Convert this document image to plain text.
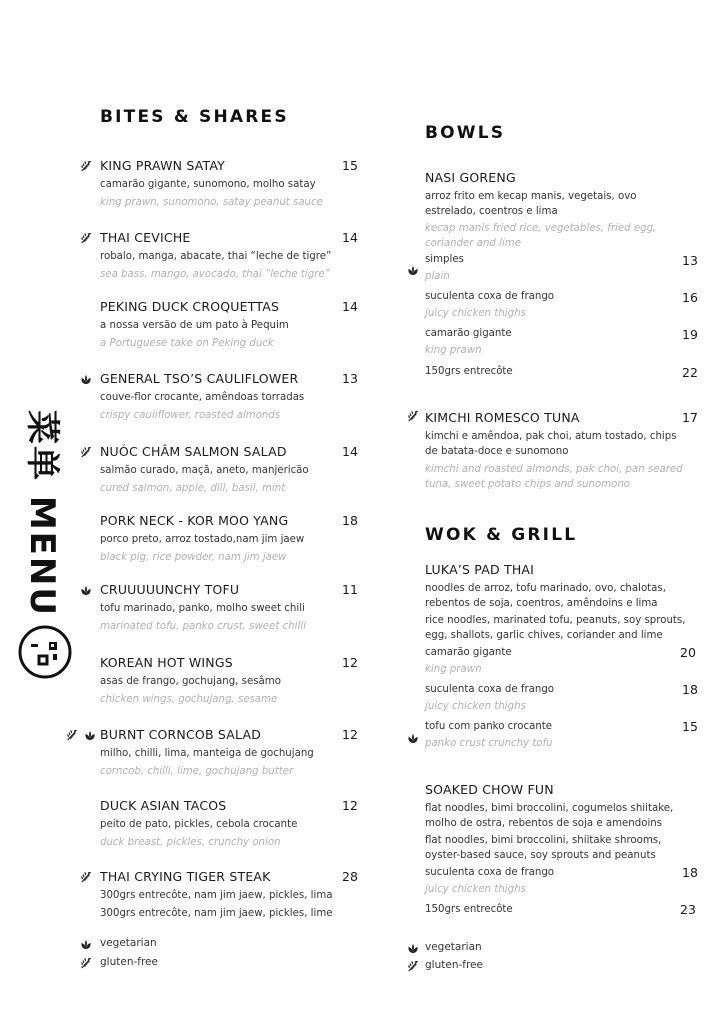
菜单 MENU
BITES & SHARES
KING PRAWN SATAY	15
camarão gigante, sunomono, molho satay
king prawn, sunomono, satay peanut sauce
THAI CEVICHE	14
robalo, manga, abacate, thai “leche de tigre”
sea bass, mango, avocado, thai “leche tigre”
PEKING DUCK CROQUETTAS	14
a nossa versão de um pato à Pequim
a Portuguese take on Peking duck
GENERAL TSO’S CAULIFLOWER	13
couve-flor crocante, amêndoas torradas
crispy cauliflower, roasted almonds
NUÓC CHÂM SALMON SALAD	14
salmão curado, maçã, aneto, manjericão
cured salmon, apple, dill, basil, mint
PORK NECK - KOR MOO YANG	18
porco preto, arroz tostado,nam jim jaew
black pig, rice powder, nam jim jaew
CRUUUUUNCHY TOFU	11
tofu marinado, panko, molho sweet chili
marinated tofu, panko crust, sweet chilli
KOREAN HOT WINGS	12
asas de frango, gochujang, sesâmo
chicken wings, gochujang, sesame
BURNT CORNCOB SALAD	12
milho, chilli, lima, manteiga de gochujang
corncob, chilli, lime, gochujang butter
DUCK ASIAN TACOS	12
peito de pato, pickles, cebola crocante
duck breast, pickles, crunchy onion
THAI CRYING TIGER STEAK	28
300grs entrecôte, nam jim jaew, pickles, lima
300grs entrecôte, nam jim jaew, pickles, lime
vegetarian
gluten-free
BOWLS
NASI GORENG
arroz frito em kecap manis, vegetais, ovo estrelado, coentros e lima
kecap manis fried rice, vegetables, fried egg, coriander and lime
simples	13
plain
suculenta coxa de frango	16
juicy chicken thighs
camarão gigante	19
king prawn
150grs entrecôte	22
KIMCHI ROMESCO TUNA	17
kimchi e amêndoa, pak choi, atum tostado, chips de batata-doce e sunomono
kimchi and roasted almonds, pak choi, pan seared tuna, sweet potato chips and sunomono
WOK & GRILL
LUKA’S PAD THAI
noodles de arroz, tofu marinado, ovo, chalotas, rebentos de soja, coentros, amêndoins e lima
rice noodles, marinated tofu, peanuts, soy sprouts, egg, shallots, garlic chives, coriander and lime
camarão gigante	20
king prawn
suculenta coxa de frango	18
juicy chicken thighs
tofu com panko crocante	15
panko crust crunchy tofu
SOAKED CHOW FUN
flat noodles, bimi broccolini, cogumelos shiitake, molho de ostra, rebentos de soja e amendoins
flat noodles, bimi broccolini, shiitake shrooms, oyster-based sauce, soy sprouts and peanuts
suculenta coxa de frango	18
juicy chicken thighs
150grs entrecôte	23
vegetarian
gluten-free
